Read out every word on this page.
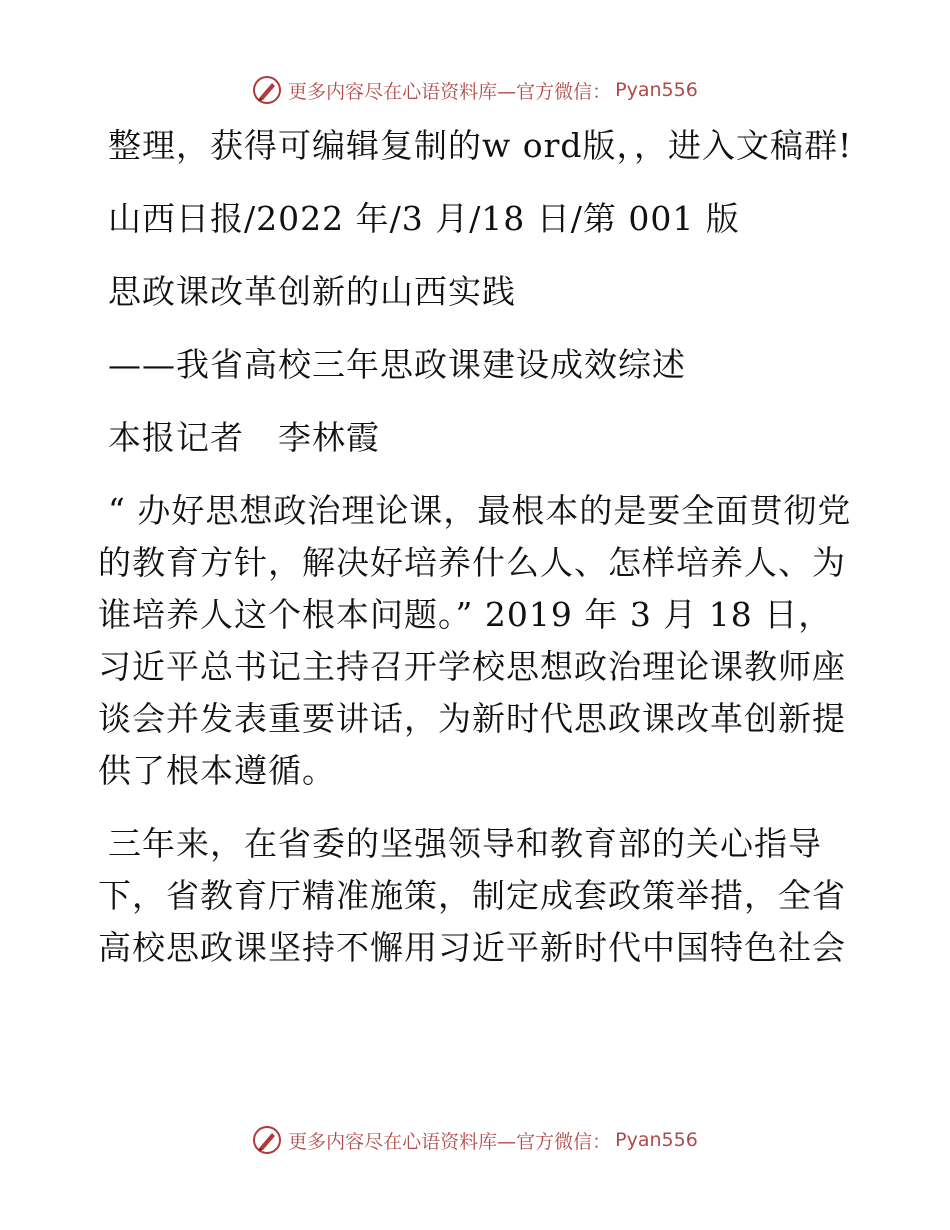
更多内容尽在心语资料库—官方微信： Pyan556

整理，获得可编辑复制的w ord版，，进入文稿群!

山西日报/2022 年/3 月/18 日/第 001 版

思政课改革创新的山西实践

——我省高校三年思政课建设成效综述

本报记者　李林霞

“ 办好思想政治理论课，最根本的是要全面贯彻党的教育方针，解决好培养什么人、怎样培养人、为谁培养人这个根本问题。” 2019 年 3 月 18 日，习近平总书记主持召开学校思想政治理论课教师座谈会并发表重要讲话，为新时代思政课改革创新提供了根本遵循。

三年来，在省委的坚强领导和教育部的关心指导下，省教育厅精准施策，制定成套政策举措，全省高校思政课坚持不懈用习近平新时代中国特色社会

更多内容尽在心语资料库—官方微信： Pyan556
